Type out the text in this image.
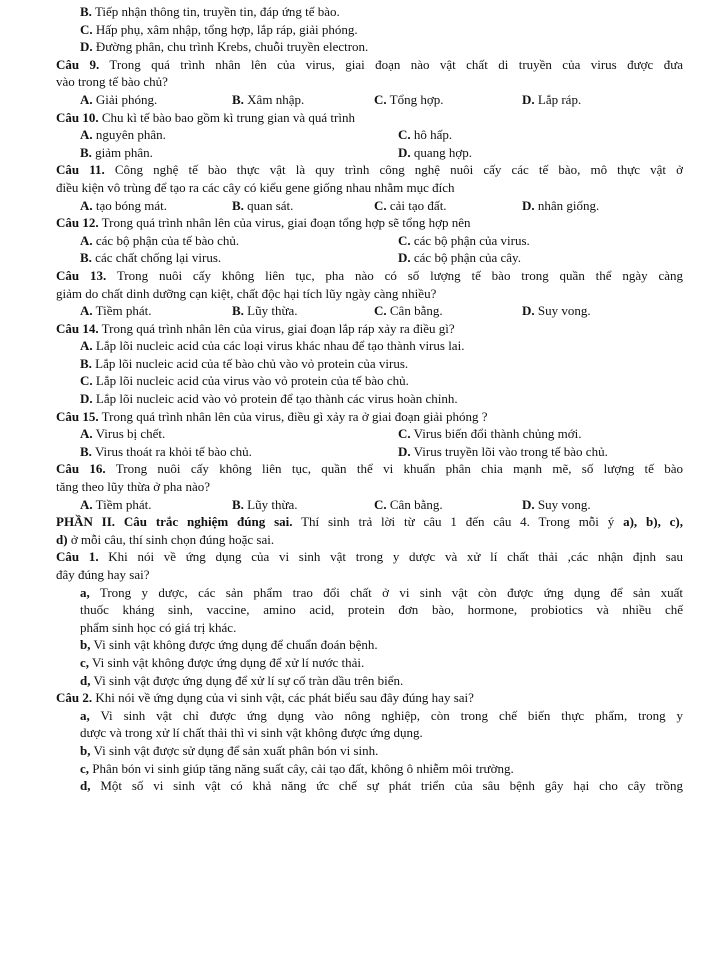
B. Tiếp nhận thông tin, truyền tin, đáp ứng tế bào.
C. Hấp phụ, xâm nhập, tổng hợp, lắp ráp, giải phóng.
D. Đường phân, chu trình Krebs, chuỗi truyền electron.
Câu 9. Trong quá trình nhân lên của virus, giai đoạn nào vật chất di truyền của virus được đưa
vào trong tế bào chủ?
A. Giải phóng.	B. Xâm nhập.	C. Tổng hợp.	D. Lắp ráp.
Câu 10. Chu kì tế bào bao gồm kì trung gian và quá trình
A. nguyên phân.	C. hô hấp.
B. giảm phân.	D. quang hợp.
Câu 11. Công nghệ tế bào thực vật là quy trình công nghệ nuôi cấy các tế bào, mô thực vật ở
điều kiện vô trùng để tạo ra các cây có kiểu gene giống nhau nhằm mục đích
A. tạo bóng mát.	B. quan sát.	C. cải tạo đất.	D. nhân giống.
Câu 12. Trong quá trình nhân lên của virus, giai đoạn tổng hợp sẽ tổng hợp nên
A. các bộ phận của tế bào chủ.	C. các bộ phận của virus.
B. các chất chống lại virus.	D. các bộ phận của cây.
Câu 13. Trong nuôi cấy không liên tục, pha nào có số lượng tế bào trong quần thể ngày càng
giảm do chất dinh dưỡng cạn kiệt, chất độc hại tích lũy ngày càng nhiều?
A. Tiềm phát.	B. Lũy thừa.	C. Cân bằng.	D. Suy vong.
Câu 14. Trong quá trình nhân lên của virus, giai đoạn lắp ráp xảy ra điều gì?
A. Lắp lõi nucleic acid của các loại virus khác nhau để tạo thành virus lai.
B. Lắp lõi nucleic acid của tế bào chủ vào vỏ protein của virus.
C. Lắp lõi nucleic acid của virus vào vỏ protein của tế bào chủ.
D. Lắp lõi nucleic acid vào vỏ protein để tạo thành các virus hoàn chỉnh.
Câu 15. Trong quá trình nhân lên của virus, điều gì xảy ra ở giai đoạn giải phóng ?
A. Virus bị chết.	C. Virus biến đổi thành chủng mới.
B. Virus thoát ra khỏi tế bào chủ.	D. Virus truyền lõi vào trong tế bào chủ.
Câu 16. Trong nuôi cấy không liên tục, quần thể vi khuẩn phân chia mạnh mẽ, số lượng tế bào
tăng theo lũy thừa ở pha nào?
A. Tiềm phát.	B. Lũy thừa.	C. Cân bằng.	D. Suy vong.
PHẦN II. Câu trắc nghiệm đúng sai. Thí sinh trả lời từ câu 1 đến câu 4. Trong mỗi ý a), b), c),
d) ở mỗi câu, thí sinh chọn đúng hoặc sai.
Câu 1. Khi nói về ứng dụng của vi sinh vật trong y dược và xử lí chất thải ,các nhận định sau
đây đúng hay sai?
a, Trong y dược, các sản phẩm trao đổi chất ở vi sinh vật còn được ứng dụng để sản xuất
thuốc kháng sinh, vaccine, amino acid, protein đơn bào, hormone, probiotics và nhiều chế
phẩm sinh học có giá trị khác.
b, Vi sinh vật không được ứng dụng để chuẩn đoán bệnh.
c, Vi sinh vật không được ứng dụng để xử lí nước thải.
d, Vi sinh vật được ứng dụng để xử lí sự cố tràn dầu trên biển.
Câu 2. Khi nói về ứng dụng của vi sinh vật, các phát biểu sau đây đúng hay sai?
a, Vi sinh vật chỉ được ứng dụng vào nông nghiệp, còn trong chế biến thực phẩm, trong y
dược và trong xử lí chất thải thì vi sinh vật không được ứng dụng.
b, Vi sinh vật được sử dụng để sản xuất phân bón vi sinh.
c, Phân bón vi sinh giúp tăng năng suất cây, cải tạo đất, không ô nhiễm môi trường.
d, Một số vi sinh vật có khả năng ức chế sự phát triển của sâu bệnh gây hại cho cây trồng
